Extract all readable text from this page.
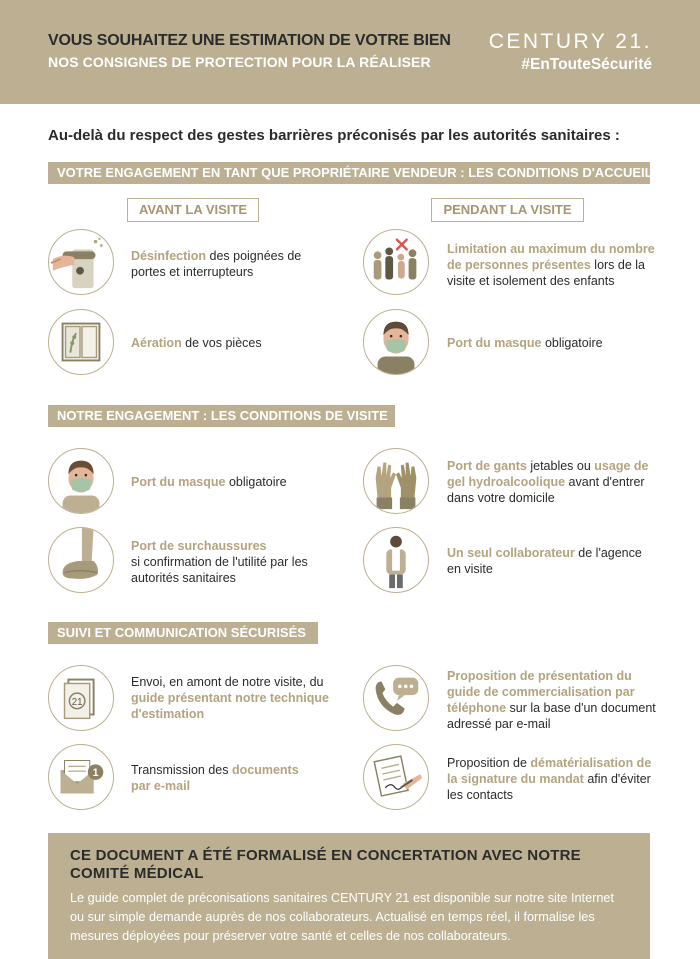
VOUS SOUHAITEZ UNE ESTIMATION DE VOTRE BIEN
NOS CONSIGNES DE PROTECTION POUR LA RÉALISER
CENTURY 21.
#EnTouteSécurité
Au-delà du respect des gestes barrières préconisés par les autorités sanitaires :
VOTRE ENGAGEMENT EN TANT QUE PROPRIÉTAIRE VENDEUR : LES CONDITIONS D'ACCUEIL
AVANT LA VISITE	PENDANT LA VISITE
Désinfection des poignées de portes et interrupteurs
Limitation au maximum du nombre de personnes présentes lors de la visite et isolement des enfants
Aération de vos pièces	Port du masque obligatoire
NOTRE ENGAGEMENT : LES CONDITIONS DE VISITE
Port du masque obligatoire
Port de gants jetables ou usage de gel hydroalcoolique avant d'entrer dans votre domicile
Port de surchaussures
si confirmation de l'utilité par les autorités sanitaires
Un seul collaborateur de l'agence en visite
SUIVI ET COMMUNICATION SÉCURISÉS
21
Envoi, en amont de notre visite, du guide présentant notre technique d'estimation
Proposition de présentation du guide de commercialisation par téléphone sur la base d'un document adressé par e-mail
1	Transmission des documents par e-mail
Proposition de dématérialisation de la signature du mandat afin d'éviter les contacts
CE DOCUMENT A ÉTÉ FORMALISÉ EN CONCERTATION AVEC NOTRE COMITÉ MÉDICAL
Le guide complet de préconisations sanitaires CENTURY 21 est disponible sur notre site Internet ou sur simple demande auprès de nos collaborateurs. Actualisé en temps réel, il formalise les mesures déployées pour préserver votre santé et celles de nos collaborateurs.
